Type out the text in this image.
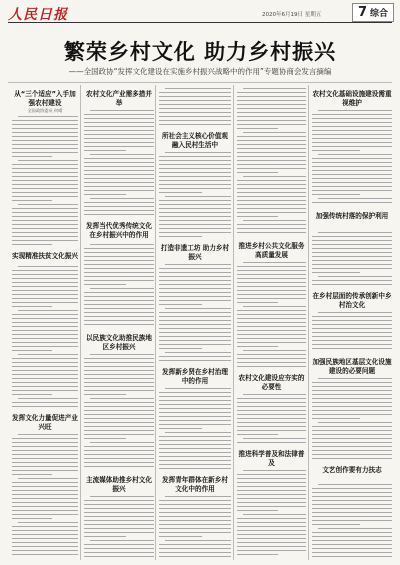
人民日报	2020年6月19日 星期五	7 综合
繁荣乡村文化 助力乡村振兴
——全国政协“发挥文化建设在实施乡村振兴战略中的作用”专题协商会发言摘编
从“三个适应”入手加强农村建设
全国政协委员 何晴
实现精准扶贫文化振兴
发挥文化力量促进产业兴旺
农村文化产业需多措并举
发挥当代优秀传统文化在乡村振兴中的作用
以民族文化助推民族地区乡村振兴
主流媒体助推乡村文化振兴
所社会主义核心价值观融入民村生活中
打造非遗工坊 助力乡村振兴
发挥新乡贤在乡村治理中的作用
发挥青年群体在新乡村文化中的作用
推进乡村公共文化服务高质量发展
农村文化建设应夯实的必要性
推进科学普及和法律普及
农村文化基础设施建设需重视维护
加强传统村落的保护利用
在乡村层面的传承创新中乡村治文化
加强民族地区基层文化设施建设的必要问题
文艺创作要有力扶志
